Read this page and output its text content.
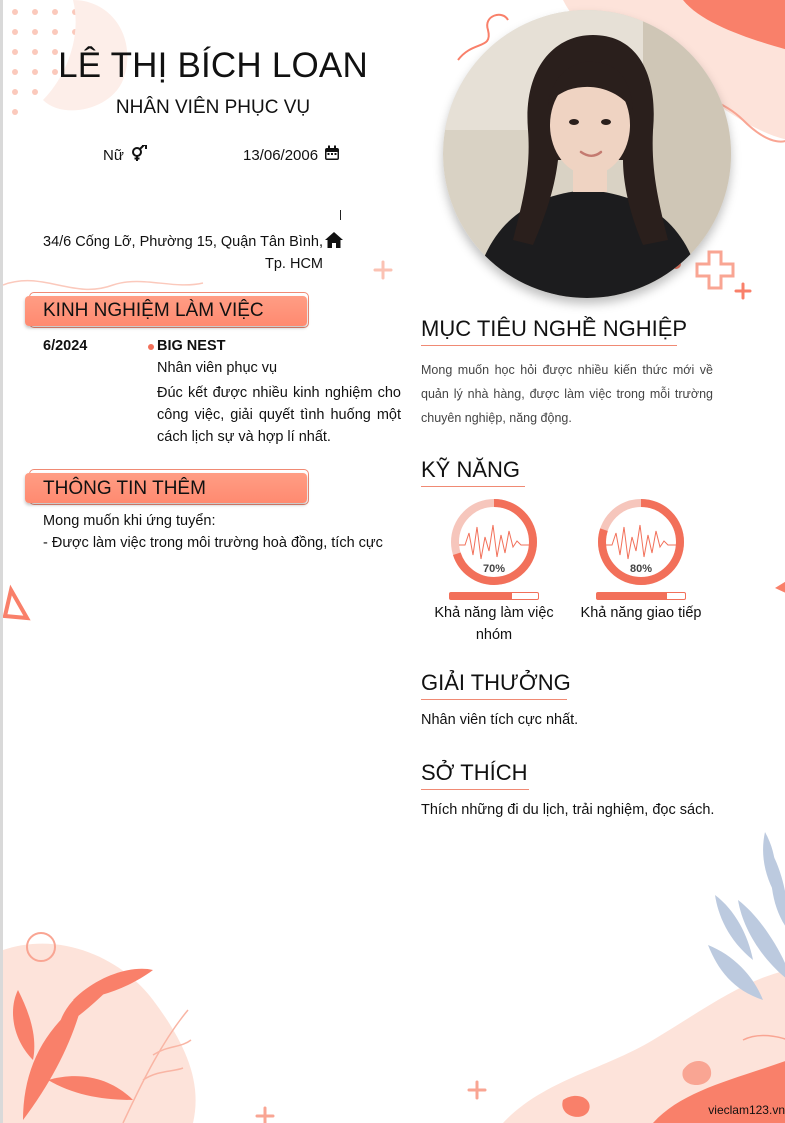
LÊ THỊ BÍCH LOAN
NHÂN VIÊN PHỤC VỤ
Nữ	13/06/2006
34/6 Cống Lỡ, Phường 15, Quận Tân Bình, Tp. HCM
KINH NGHIỆM LÀM VIỆC
6/2024	BIG NEST
Nhân viên phục vụ
Đúc kết được nhiều kinh nghiệm cho công việc, giải quyết tình huống một cách lịch sự và hợp lí nhất.
THÔNG TIN THÊM
Mong muốn khi ứng tuyển:
- Được làm việc trong môi trường hoà đồng, tích cực
MỤC TIÊU NGHỀ NGHIỆP
Mong muốn học hỏi được nhiều kiến thức mới về quản lý nhà hàng, được làm việc trong mỗi trường chuyên nghiệp, năng động.
KỸ NĂNG
70%
Khả năng làm việc nhóm
80%
Khả năng giao tiếp
GIẢI THƯỞNG
Nhân viên tích cực nhất.
SỞ THÍCH
Thích những đi du lịch, trải nghiệm, đọc sách.
vieclam123.vn
